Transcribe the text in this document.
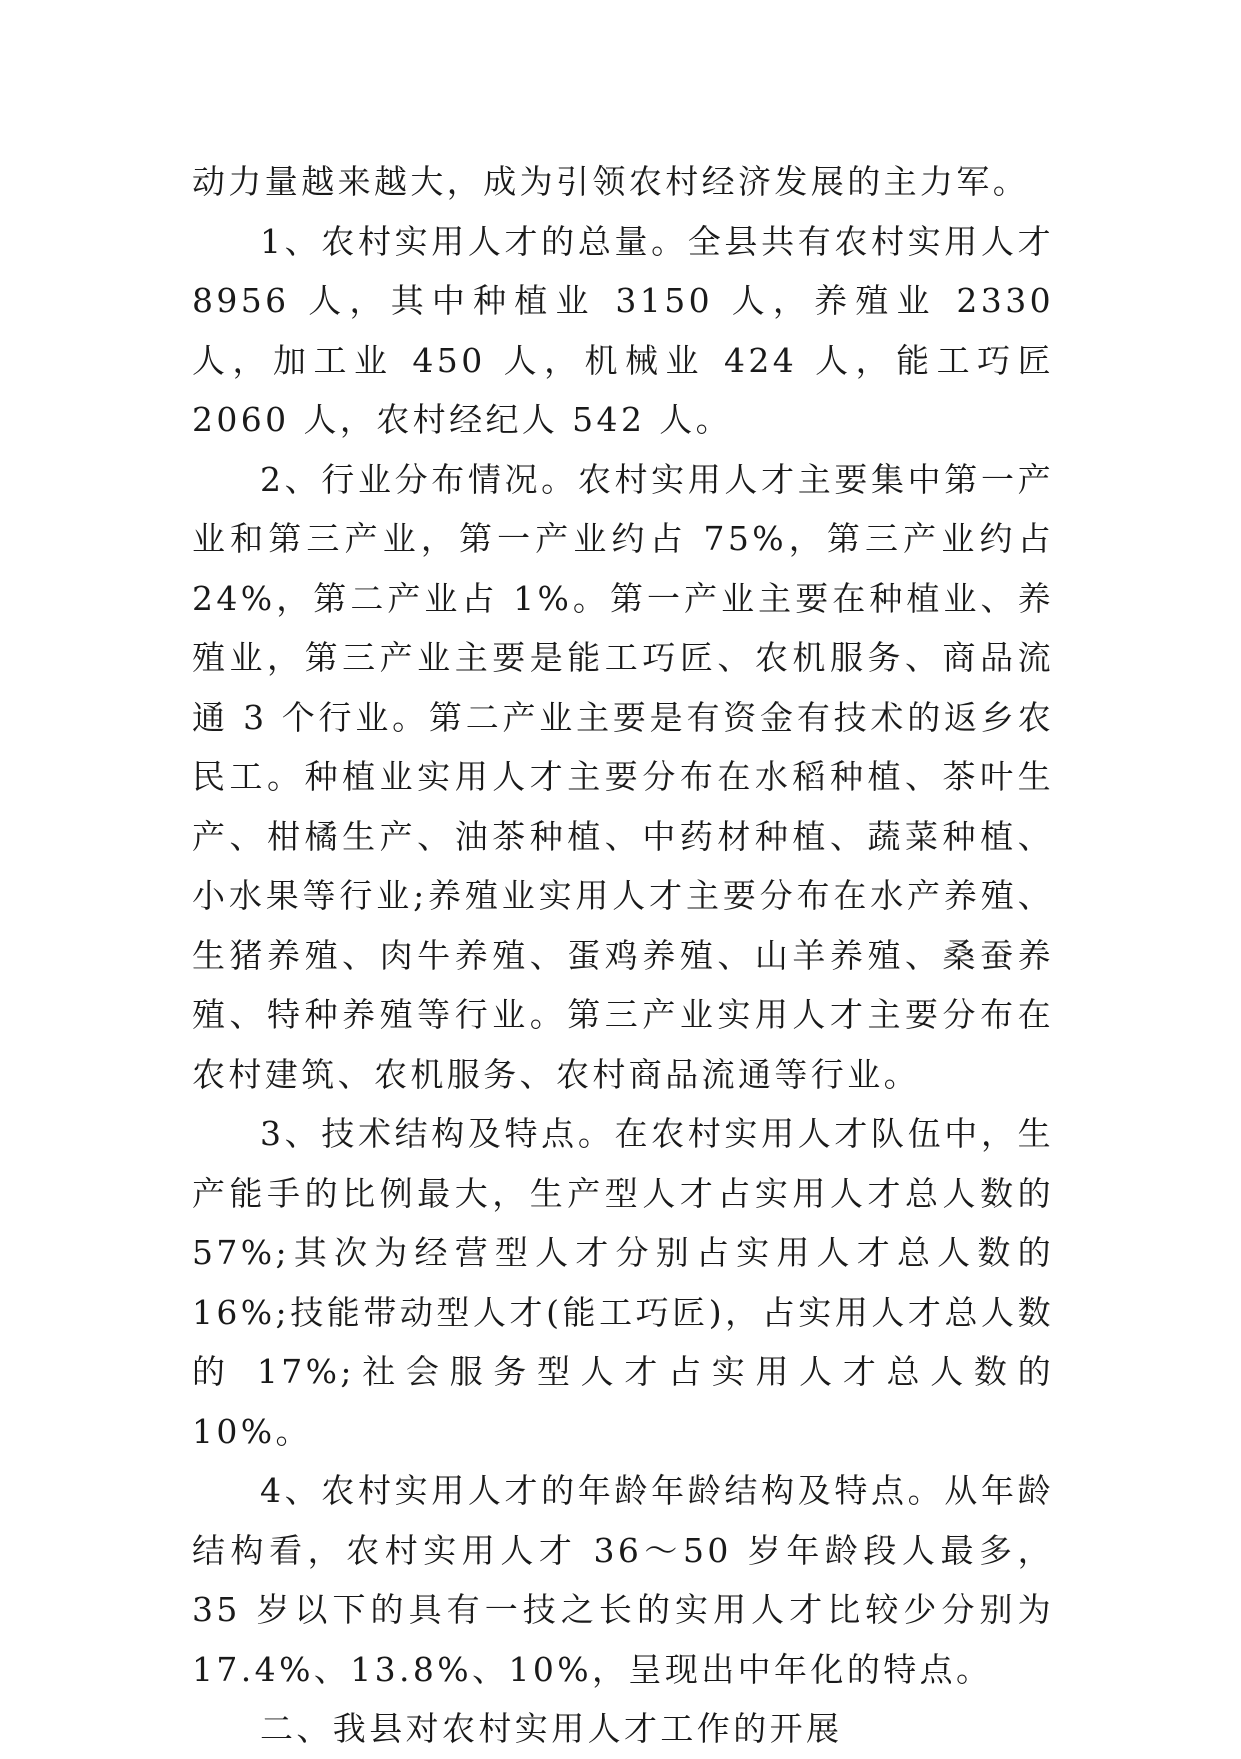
动力量越来越大，成为引领农村经济发展的主力军。

1、农村实用人才的总量。全县共有农村实用人才 8956 人，其中种植业 3150 人，养殖业 2330 人，加工业 450 人，机械业 424 人，能工巧匠 2060 人，农村经纪人 542 人。

2、行业分布情况。农村实用人才主要集中第一产业和第三产业，第一产业约占 75%，第三产业约占 24%，第二产业占 1%。第一产业主要在种植业、养殖业，第三产业主要是能工巧匠、农机服务、商品流通 3 个行业。第二产业主要是有资金有技术的返乡农民工。种植业实用人才主要分布在水稻种植、茶叶生产、柑橘生产、油茶种植、中药材种植、蔬菜种植、小水果等行业;养殖业实用人才主要分布在水产养殖、生猪养殖、肉牛养殖、蛋鸡养殖、山羊养殖、桑蚕养殖、特种养殖等行业。第三产业实用人才主要分布在农村建筑、农机服务、农村商品流通等行业。

3、技术结构及特点。在农村实用人才队伍中，生产能手的比例最大，生产型人才占实用人才总人数的 57%;其次为经营型人才分别占实用人才总人数的 16%;技能带动型人才(能工巧匠)，占实用人才总人数的 17%;社会服务型人才占实用人才总人数的 10%。

4、农村实用人才的年龄年龄结构及特点。从年龄结构看，农村实用人才 36～50 岁年龄段人最多，35 岁以下的具有一技之长的实用人才比较少分别为 17.4%、13.8%、10%，呈现出中年化的特点。

二、我县对农村实用人才工作的开展
